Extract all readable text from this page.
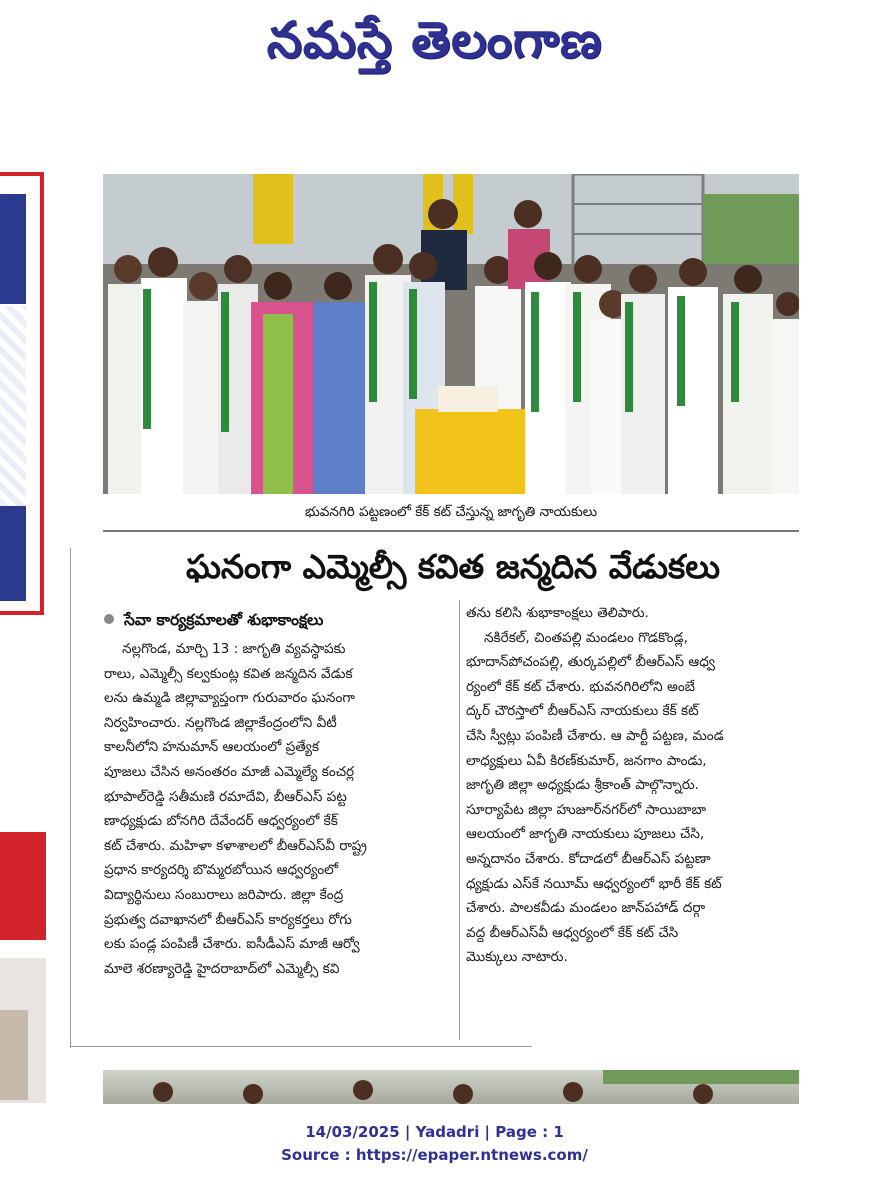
నమస్తే తెలంగాణ
భువనగిరి పట్టణంలో కేక్ కట్ చేస్తున్న జాగృతి నాయకులు
ఘనంగా ఎమ్మెల్సీ కవిత జన్మదిన వేడుకలు
సేవా కార్యక్రమాలతో శుభాకాంక్షలు

నల్లగొండ, మార్చి 13 : జాగృతి వ్యవస్థాపకు

రాలు, ఎమ్మెల్సీ కల్వకుంట్ల కవిత జన్మదిన వేడుక

లను ఉమ్మడి జిల్లావ్యాప్తంగా గురువారం ఘనంగా

నిర్వహించారు. నల్లగొండ జిల్లాకేంద్రంలోని వీటీ

కాలనీలోని హనుమాన్ ఆలయంలో ప్రత్యేక

పూజలు చేసిన అనంతరం మాజీ ఎమ్మెల్యే కంచర్ల

భూపాల్‌రెడ్డి సతీమణి రమాదేవి, బీఆర్‌ఎస్ పట్ట

ణాధ్యక్షుడు బోనగిరి దేవేందర్ ఆధ్వర్యంలో కేక్

కట్ చేశారు. మహిళా కళాశాలలో బీఆర్‌ఎస్‌వీ రాష్ట్ర

ప్రధాన కార్యదర్శి బొమ్మరబోయిన ఆధ్వర్యంలో

విద్యార్థినులు సంబురాలు జరిపారు. జిల్లా కేంద్ర

ప్రభుత్వ దవాఖానలో బీఆర్‌ఎస్ కార్యకర్తలు రోగు

లకు పండ్ల పంపిణీ చేశారు. ఐసీడీఎస్ మాజీ ఆర్వో

మాలె శరణ్యారెడ్డి హైదరాబాద్‌లో ఎమ్మెల్సీ కవి

తను కలిసి శుభాకాంక్షలు తెలిపారు.

నకిరేకల్, చింతపల్లి మండలం గొడకొండ్ల,

భూదాన్‌పోచంపల్లి, తుర్కపల్లిలో బీఆర్‌ఎస్ ఆధ్వ

ర్యంలో కేక్ కట్ చేశారు. భువనగిరిలోని అంబే

ద్కర్ చౌరస్తాలో బీఆర్‌ఎస్ నాయకులు కేక్ కట్

చేసి స్వీట్లు పంపిణీ చేశారు. ఆ పార్టీ పట్టణ, మండ

లాధ్యక్షులు ఏవీ కిరణ్‌కుమార్, జనగాం పాండు,

జాగృతి జిల్లా అధ్యక్షుడు శ్రీకాంత్ పాల్గొన్నారు.

సూర్యాపేట జిల్లా హుజూర్‌నగర్‌లో సాయిబాబా

ఆలయంలో జాగృతి నాయకులు పూజలు చేసి,

అన్నదానం చేశారు. కోదాడలో బీఆర్‌ఎస్ పట్టణా

ధ్యక్షుడు ఎస్‌కే నయీమ్ ఆధ్వర్యంలో భారీ కేక్ కట్

చేశారు. పాలకవీడు మండలం జాన్‌పహాడ్ దర్గా

వద్ద బీఆర్‌ఎస్‌వీ ఆధ్వర్యంలో కేక్ కట్ చేసి

మొక్కులు నాటారు.

14/03/2025 | Yadadri | Page : 1
Source : https://epaper.ntnews.com/
